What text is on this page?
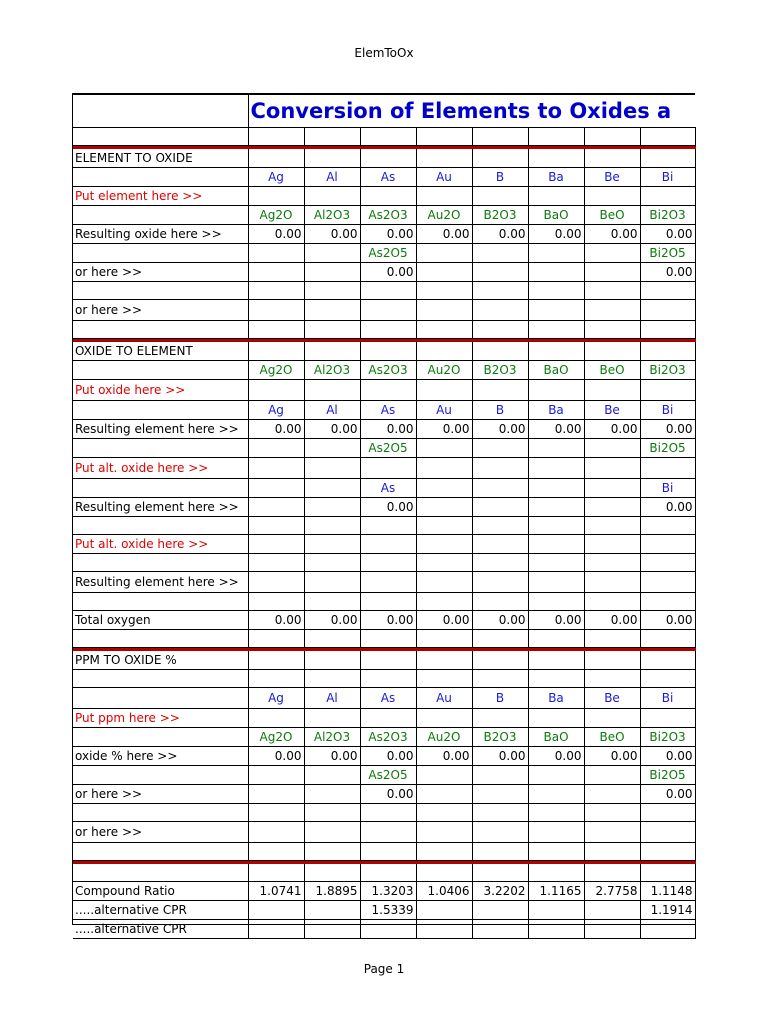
ElemToOx
	Conversion of Elements to Oxides a							

ELEMENT TO OXIDE								
	Ag	Al	As	Au	B	Ba	Be	Bi
Put element here >>								
	Ag2O	Al2O3	As2O3	Au2O	B2O3	BaO	BeO	Bi2O3
Resulting oxide here >>	0.00	0.00	0.00	0.00	0.00	0.00	0.00	0.00
			As2O5					Bi2O5
or here >>			0.00					0.00

or here >>								

OXIDE TO ELEMENT								
	Ag2O	Al2O3	As2O3	Au2O	B2O3	BaO	BeO	Bi2O3
Put oxide here >>								
	Ag	Al	As	Au	B	Ba	Be	Bi
Resulting element here >>	0.00	0.00	0.00	0.00	0.00	0.00	0.00	0.00
			As2O5					Bi2O5
Put alt. oxide here >>								
			As					Bi
Resulting element here >>			0.00					0.00

Put alt. oxide here >>								

Resulting element here >>								

Total oxygen	0.00	0.00	0.00	0.00	0.00	0.00	0.00	0.00

PPM TO OXIDE %								

	Ag	Al	As	Au	B	Ba	Be	Bi
Put ppm here >>								
	Ag2O	Al2O3	As2O3	Au2O	B2O3	BaO	BeO	Bi2O3
oxide % here >>	0.00	0.00	0.00	0.00	0.00	0.00	0.00	0.00
			As2O5					Bi2O5
or here >>			0.00					0.00

or here >>								

Compound Ratio	1.0741	1.8895	1.3203	1.0406	3.2202	1.1165	2.7758	1.1148
.....alternative CPR			1.5339					1.1914
.....alternative CPR								
Page 1
